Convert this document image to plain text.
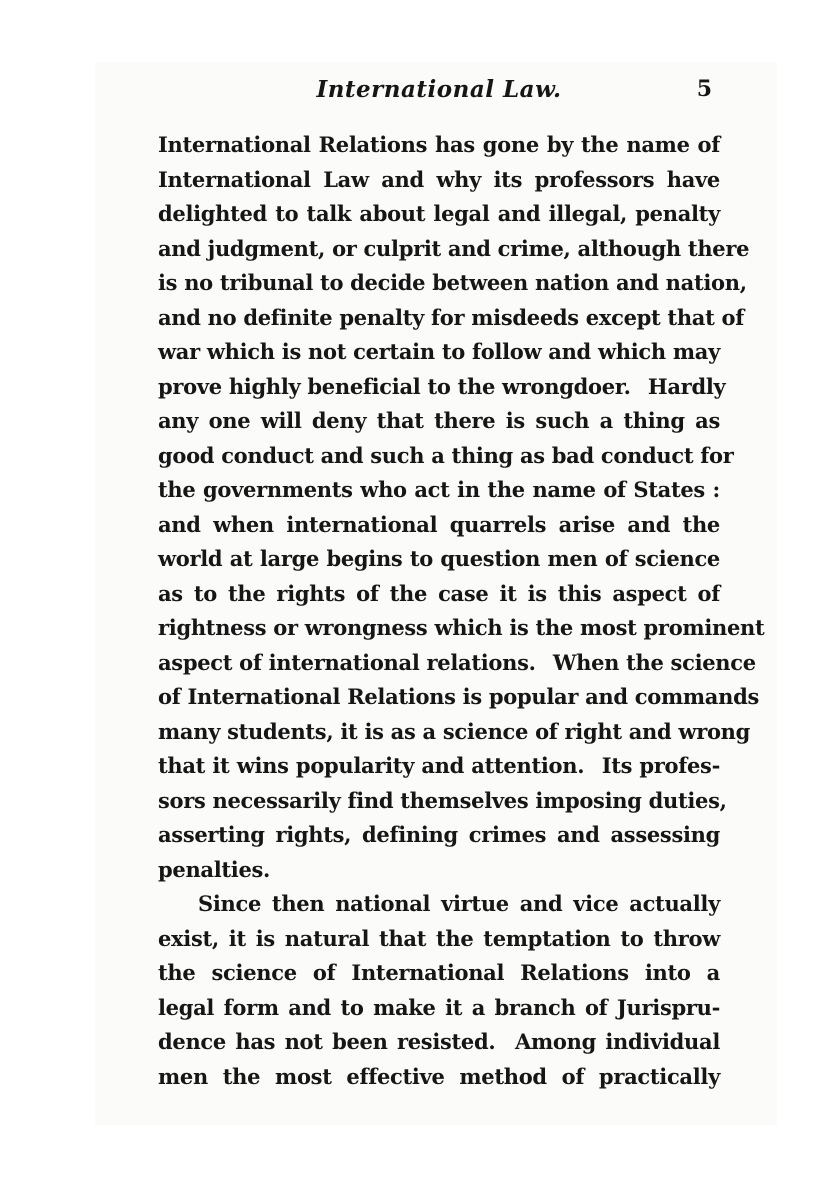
International Law.	5
International Relations has gone by the name of
International Law and why its professors have
delighted to talk about legal and illegal, penalty
and judgment, or culprit and crime, although there
is no tribunal to decide between nation and nation,
and no definite penalty for misdeeds except that of
war which is not certain to follow and which may
prove highly beneficial to the wrongdoer.  Hardly
any one will deny that there is such a thing as
good conduct and such a thing as bad conduct for
the governments who act in the name of States :
and when international quarrels arise and the
world at large begins to question men of science
as to the rights of the case it is this aspect of
rightness or wrongness which is the most prominent
aspect of international relations.  When the science
of International Relations is popular and commands
many students, it is as a science of right and wrong
that it wins popularity and attention.  Its profes-
sors necessarily find themselves imposing duties,
asserting rights, defining crimes and assessing
penalties.
Since then national virtue and vice actually
exist, it is natural that the temptation to throw
the science of International Relations into a
legal form and to make it a branch of Jurispru-
dence has not been resisted.  Among individual
men the most effective method of practically
